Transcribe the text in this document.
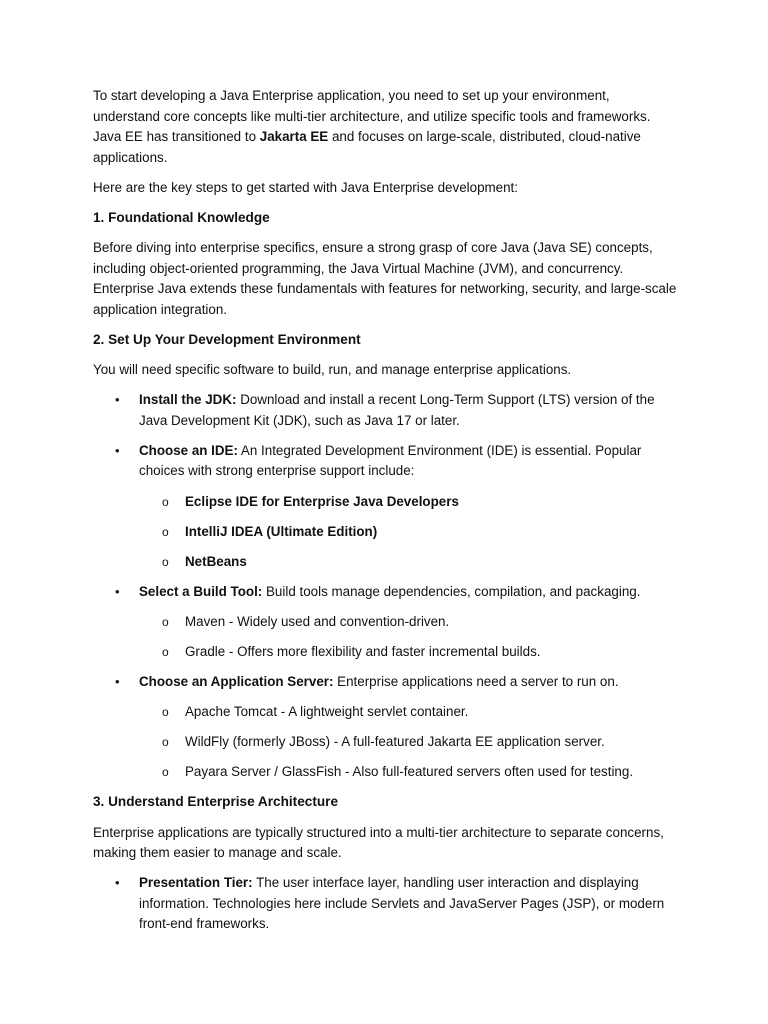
To start developing a Java Enterprise application, you need to set up your environment, understand core concepts like multi-tier architecture, and utilize specific tools and frameworks. Java EE has transitioned to Jakarta EE and focuses on large-scale, distributed, cloud-native applications.

Here are the key steps to get started with Java Enterprise development:

1. Foundational Knowledge

Before diving into enterprise specifics, ensure a strong grasp of core Java (Java SE) concepts, including object-oriented programming, the Java Virtual Machine (JVM), and concurrency. Enterprise Java extends these fundamentals with features for networking, security, and large-scale application integration.

2. Set Up Your Development Environment

You will need specific software to build, run, and manage enterprise applications.

• Install the JDK: Download and install a recent Long-Term Support (LTS) version of the Java Development Kit (JDK), such as Java 17 or later.
• Choose an IDE: An Integrated Development Environment (IDE) is essential. Popular choices with strong enterprise support include:
o Eclipse IDE for Enterprise Java Developers
o IntelliJ IDEA (Ultimate Edition)
o NetBeans
• Select a Build Tool: Build tools manage dependencies, compilation, and packaging.
o Maven - Widely used and convention-driven.
o Gradle - Offers more flexibility and faster incremental builds.
• Choose an Application Server: Enterprise applications need a server to run on.
o Apache Tomcat - A lightweight servlet container.
o WildFly (formerly JBoss) - A full-featured Jakarta EE application server.
o Payara Server / GlassFish - Also full-featured servers often used for testing.

3. Understand Enterprise Architecture

Enterprise applications are typically structured into a multi-tier architecture to separate concerns, making them easier to manage and scale.

• Presentation Tier: The user interface layer, handling user interaction and displaying information. Technologies here include Servlets and JavaServer Pages (JSP), or modern front-end frameworks.
